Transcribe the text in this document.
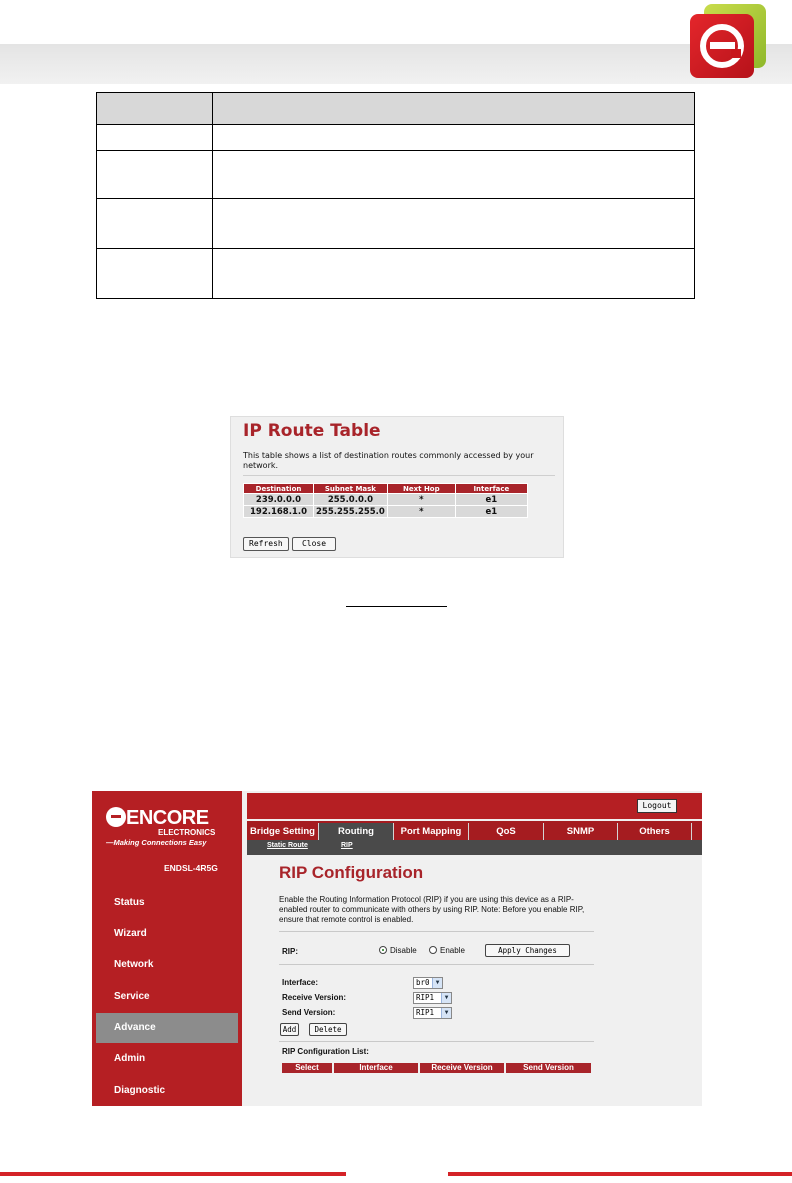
IP Route Table
This table shows a list of destination routes commonly accessed by your network.
Destination	Subnet Mask	Next Hop	Interface
239.0.0.0	255.0.0.0	*	e1
192.168.1.0	255.255.255.0	*	e1
Refresh	Close
ENCORE
ELECTRONICS
—Making Connections Easy
ENDSL-4R5G
Status
Wizard
Network
Service
Advance
Admin
Diagnostic
Logout
Bridge Setting	Routing	Port Mapping	QoS	SNMP	Others
Static Route	RIP
RIP Configuration
Enable the Routing Information Protocol (RIP) if you are using this device as a RIP-enabled router to communicate with others by using RIP. Note: Before you enable RIP, ensure that remote control is enabled.
RIP:	Disable	Enable	Apply Changes
Interface:	br0	▼
Receive Version:	RIP1	▼
Send Version:	RIP1	▼
Add	Delete
RIP Configuration List:
Select	Interface	Receive Version	Send Version
